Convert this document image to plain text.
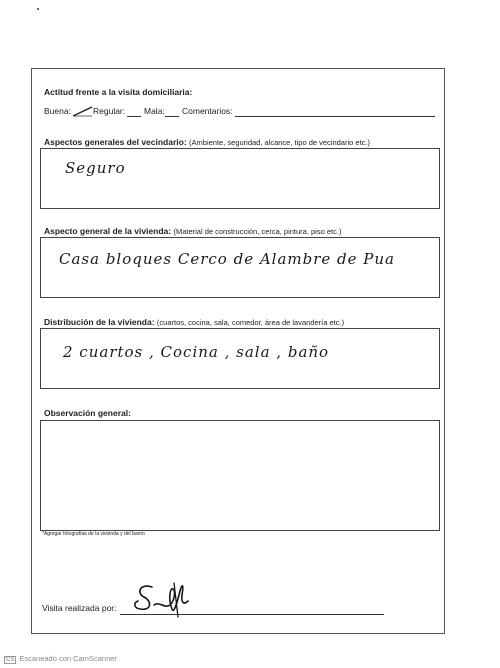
Actitud frente a la visita domiciliaria:
Buena:	Regular: Mala: Comentarios:
Aspectos generales del vecindario: (Ambiente, seguridad, alcance, tipo de vecindario etc.)
Seguro
Aspecto general de la vivienda: (Material de construcción, cerca, pintura, piso etc.)
Casa bloques Cerco de Alambre de Pua
Distribución de la vivienda: (cuartos, cocina, sala, comedor, área de lavandería etc.)
2 cuartos , Cocina , sala , baño
Observación general:
*Agregar fotografías de la vivienda y del barrio
Visita realizada por:
CS Escaneado con CamScanner
